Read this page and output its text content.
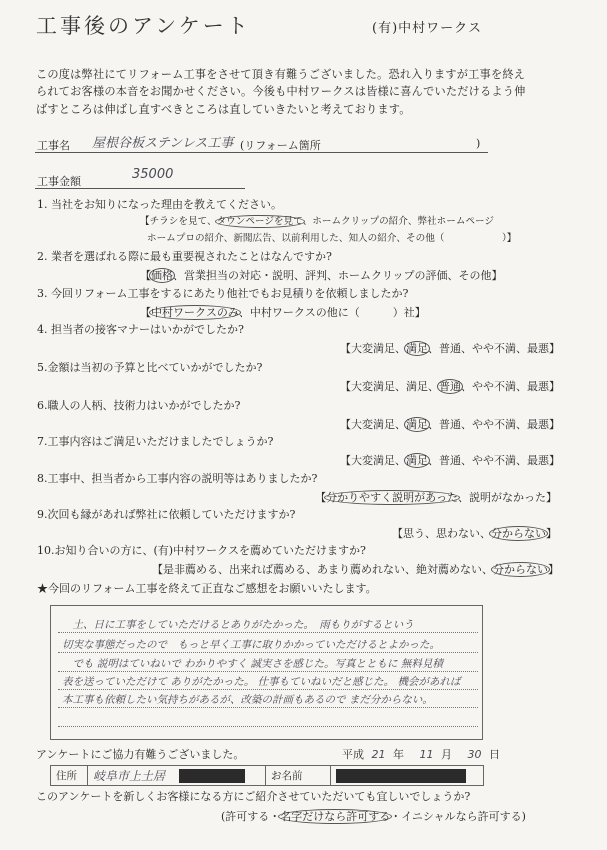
工事後のアンケート	(有)中村ワークス
この度は弊社にてリフォーム工事をさせて頂き有難うございました。恐れ入りますが工事を終え
られてお客様の本音をお聞かせください。今後も中村ワークスは皆様に喜んでいただけるよう伸
ばすところは伸ばし直すべきところは直していきたいと考えております。
工事名 屋根谷板ステンレス工事 (リフォーム箇所	)
工事金額	35000
1. 当社をお知りになった理由を教えてください。
【チラシを見て、タウンページを見て、ホームクリップの紹介、弊社ホームページ
ホームプロの紹介、新聞広告、以前利用した、知人の紹介、その他（　　　　　　）】
2. 業者を選ばれる際に最も重要視されたことはなんですか?
【価格、営業担当の対応・説明、評判、ホームクリップの評価、その他】
3. 今回リフォーム工事をするにあたり他社でもお見積りを依頼しましたか?
【中村ワークスのみ、中村ワークスの他に（　　　）社】
4. 担当者の接客マナーはいかがでしたか?
【大変満足、満足、普通、やや不満、最悪】
5.金額は当初の予算と比べていかがでしたか?
【大変満足、満足、普通、やや不満、最悪】
6.職人の人柄、技術力はいかがでしたか?
【大変満足、満足、普通、やや不満、最悪】
7.工事内容はご満足いただけましたでしょうか?
【大変満足、満足、普通、やや不満、最悪】
8.工事中、担当者から工事内容の説明等はありましたか?
【分かりやすく説明があった、説明がなかった】
9.次回も縁があれば弊社に依頼していただけますか?
【思う、思わない、分からない】
10.お知り合いの方に、(有)中村ワークスを薦めていただけますか?
【是非薦める、出来れば薦める、あまり薦めれない、絶対薦めない、分からない】
★今回のリフォーム工事を終えて正直なご感想をお願いいたします。
　土、日に工事をしていただけるとありがたかった。　雨もりがするという
切実な事態だったので　もっと早く工事に取りかかっていただけるとよかった。
　でも 説明はていねいで わかりやすく 誠実さを感じた。写真とともに 無料見積
表を送っていただけて ありがたかった。 仕事もていねいだと感じた。 機会があれば
本工事も依頼したい気持ちがあるが、改築の計画もあるので まだ分からない。
アンケートにご協力有難うございました。	平成 21 年 11 月 30 日
住所	岐阜市上土居	お名前
このアンケートを新しくお客様になる方にご紹介させていただいても宜しいでしょうか?
(許可する・名字だけなら許可する・イニシャルなら許可する)
